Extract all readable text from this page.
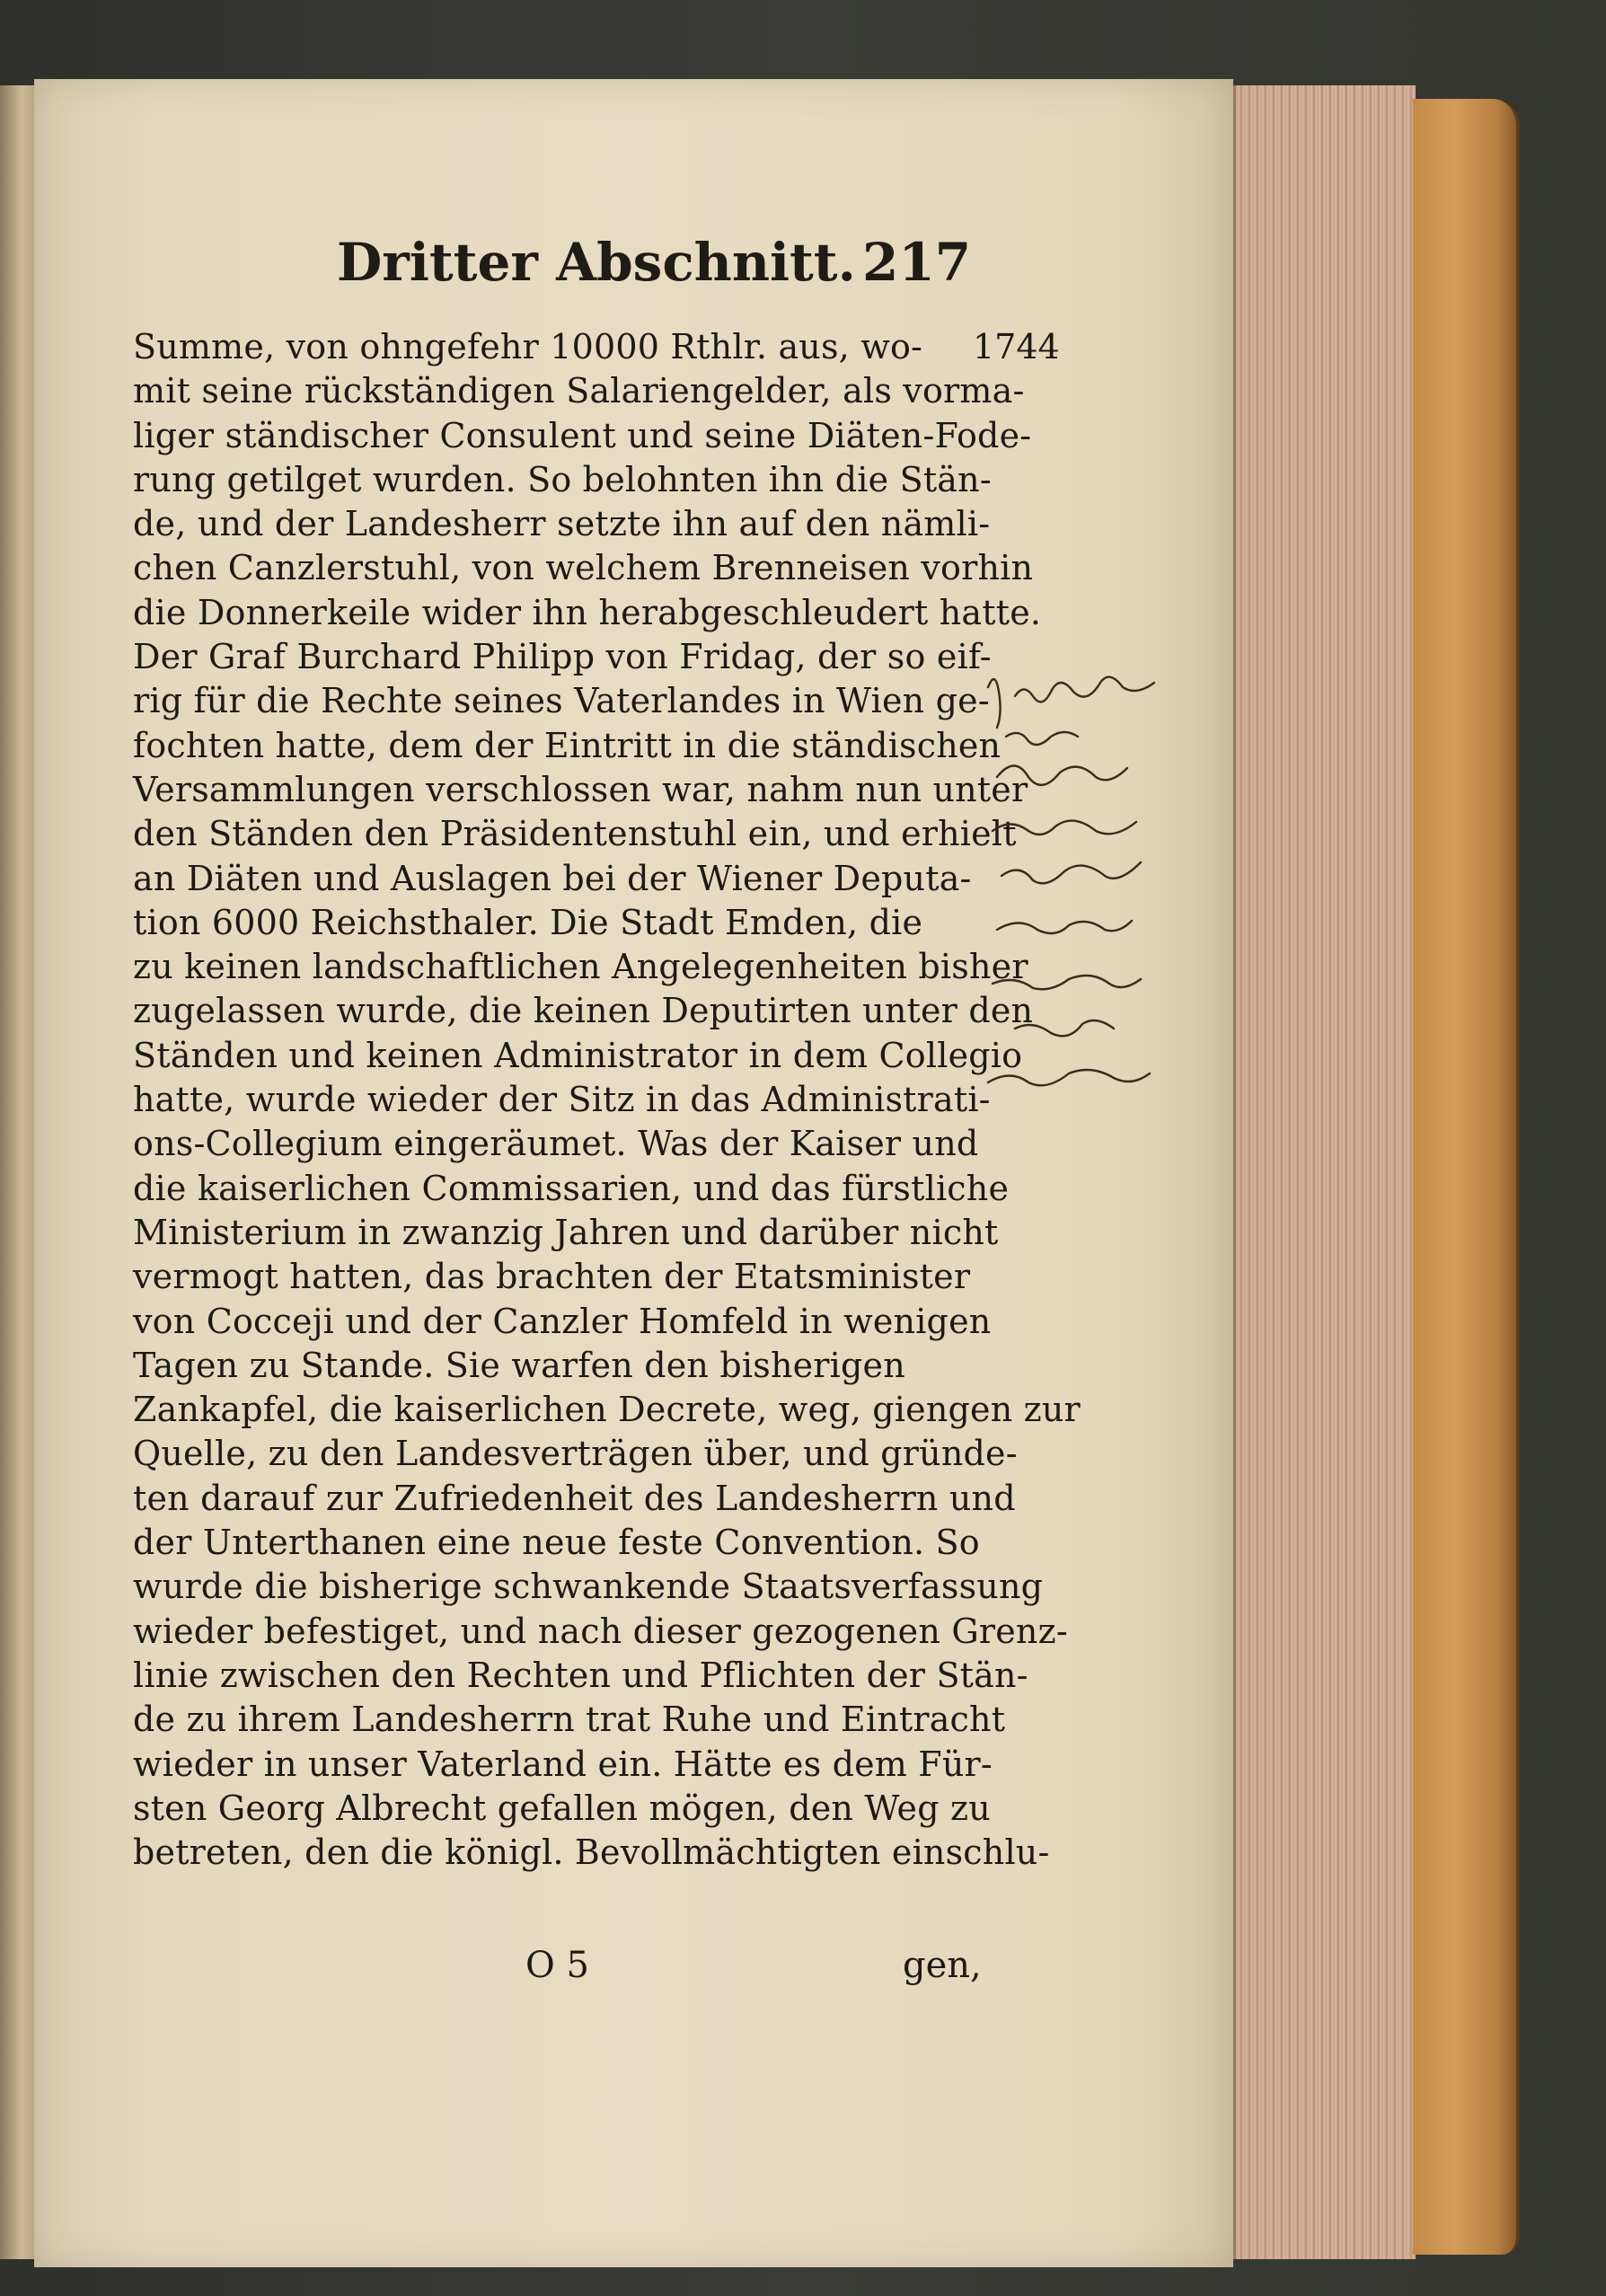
Dritter Abschnitt. 217
Summe, von ohngefehr 10000 Rthlr. aus, wo-
mit seine rückständigen Salariengelder, als vorma-
liger ständischer Consulent und seine Diäten-Fode-
rung getilget wurden. So belohnten ihn die Stän-
de, und der Landesherr setzte ihn auf den nämli-
chen Canzlerstuhl, von welchem Brenneisen vorhin
die Donnerkeile wider ihn herabgeschleudert hatte.
Der Graf Burchard Philipp von Fridag, der so eif-
rig für die Rechte seines Vaterlandes in Wien ge-
fochten hatte, dem der Eintritt in die ständischen
Versammlungen verschlossen war, nahm nun unter
den Ständen den Präsidentenstuhl ein, und erhielt
an Diäten und Auslagen bei der Wiener Deputa-
tion 6000 Reichsthaler. Die Stadt Emden, die
zu keinen landschaftlichen Angelegenheiten bisher
zugelassen wurde, die keinen Deputirten unter den
Ständen und keinen Administrator in dem Collegio
hatte, wurde wieder der Sitz in das Administrati-
ons-Collegium eingeräumet. Was der Kaiser und
die kaiserlichen Commissarien, und das fürstliche
Ministerium in zwanzig Jahren und darüber nicht
vermogt hatten, das brachten der Etatsminister
von Cocceji und der Canzler Homfeld in wenigen
Tagen zu Stande. Sie warfen den bisherigen
Zankapfel, die kaiserlichen Decrete, weg, giengen zur
Quelle, zu den Landesverträgen über, und gründe-
ten darauf zur Zufriedenheit des Landesherrn und
der Unterthanen eine neue feste Convention. So
wurde die bisherige schwankende Staatsverfassung
wieder befestiget, und nach dieser gezogenen Grenz-
linie zwischen den Rechten und Pflichten der Stän-
de zu ihrem Landesherrn trat Ruhe und Eintracht
wieder in unser Vaterland ein. Hätte es dem Für-
sten Georg Albrecht gefallen mögen, den Weg zu
betreten, den die königl. Bevollmächtigten einschlu-
1744
O 5	gen,
